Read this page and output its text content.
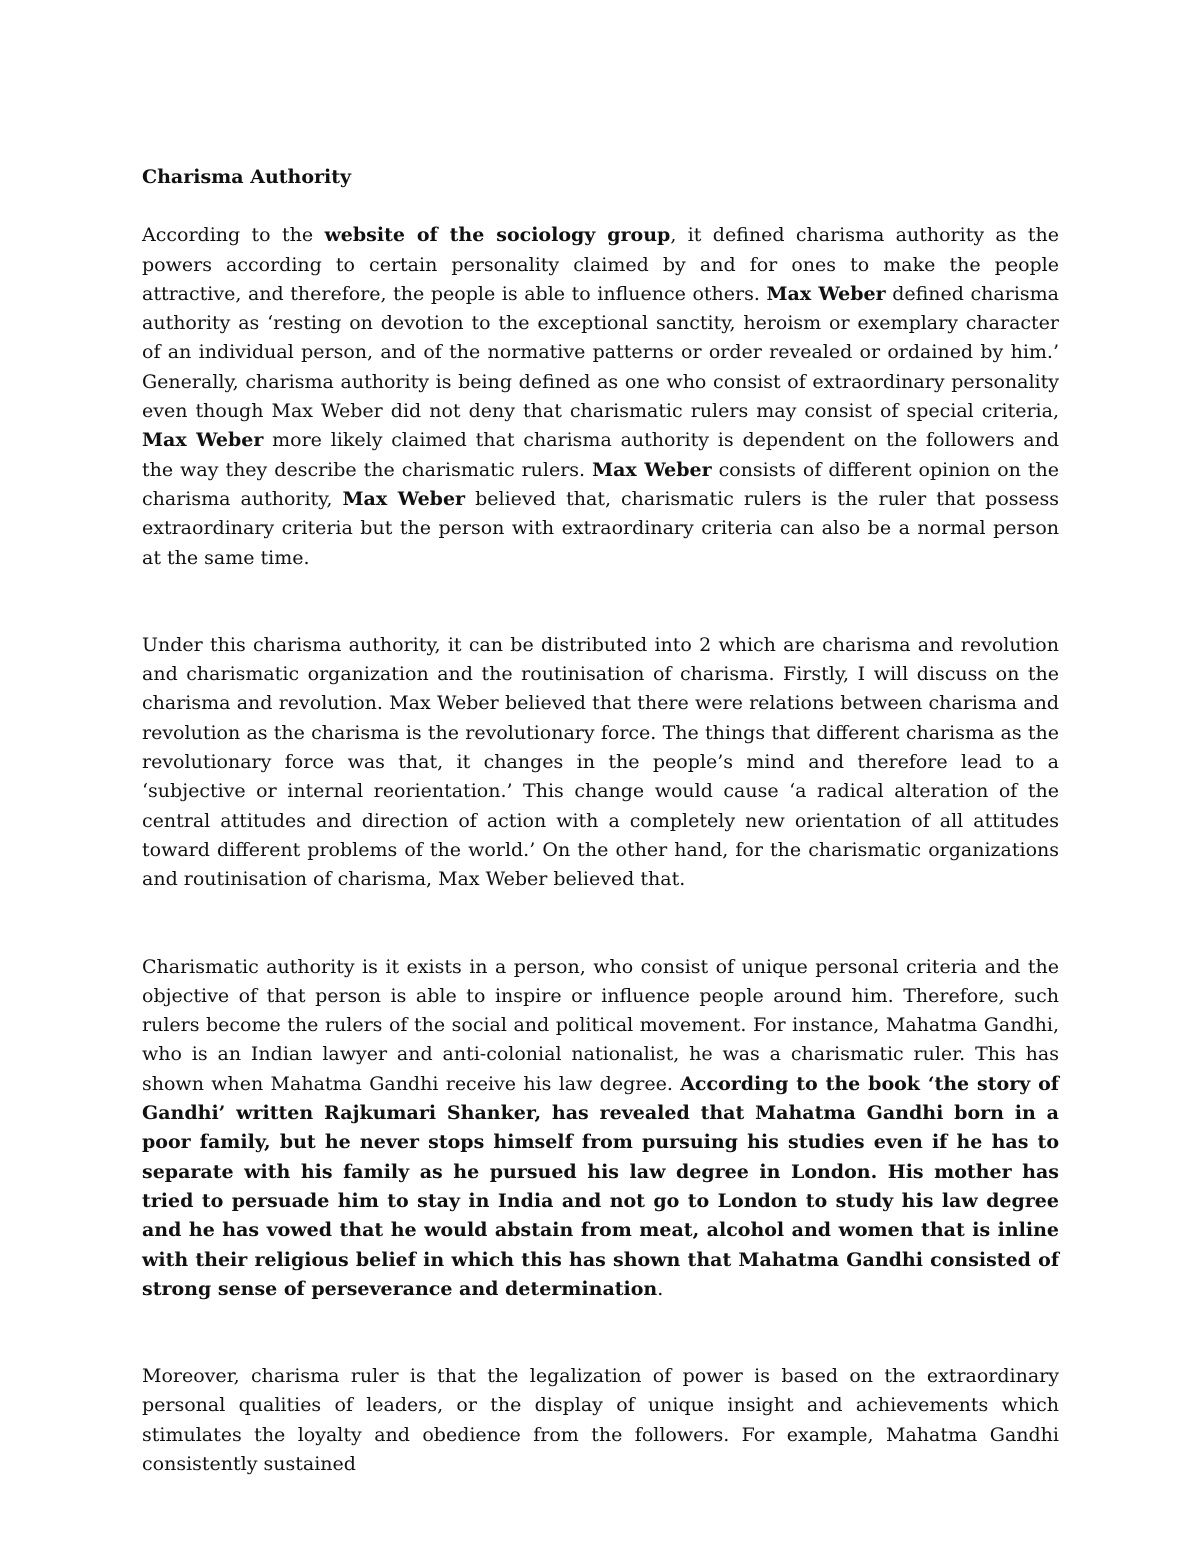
Charisma Authority

According to the website of the sociology group, it defined charisma authority as the powers according to certain personality claimed by and for ones to make the people attractive, and therefore, the people is able to influence others. Max Weber defined charisma authority as ‘resting on devotion to the exceptional sanctity, heroism or exemplary character of an individual person, and of the normative patterns or order revealed or ordained by him.’ Generally, charisma authority is being defined as one who consist of extraordinary personality even though Max Weber did not deny that charismatic rulers may consist of special criteria, Max Weber more likely claimed that charisma authority is dependent on the followers and the way they describe the charismatic rulers. Max Weber consists of different opinion on the charisma authority, Max Weber believed that, charismatic rulers is the ruler that possess extraordinary criteria but the person with extraordinary criteria can also be a normal person at the same time.

Under this charisma authority, it can be distributed into 2 which are charisma and revolution and charismatic organization and the routinisation of charisma. Firstly, I will discuss on the charisma and revolution. Max Weber believed that there were relations between charisma and revolution as the charisma is the revolutionary force. The things that different charisma as the revolutionary force was that, it changes in the people’s mind and therefore lead to a ‘subjective or internal reorientation.’ This change would cause ‘a radical alteration of the central attitudes and direction of action with a completely new orientation of all attitudes toward different problems of the world.’ On the other hand, for the charismatic organizations and routinisation of charisma, Max Weber believed that.

Charismatic authority is it exists in a person, who consist of unique personal criteria and the objective of that person is able to inspire or influence people around him. Therefore, such rulers become the rulers of the social and political movement. For instance, Mahatma Gandhi, who is an Indian lawyer and anti-colonial nationalist, he was a charismatic ruler. This has shown when Mahatma Gandhi receive his law degree. According to the book ‘the story of Gandhi’ written Rajkumari Shanker, has revealed that Mahatma Gandhi born in a poor family, but he never stops himself from pursuing his studies even if he has to separate with his family as he pursued his law degree in London. His mother has tried to persuade him to stay in India and not go to London to study his law degree and he has vowed that he would abstain from meat, alcohol and women that is inline with their religious belief in which this has shown that Mahatma Gandhi consisted of strong sense of perseverance and determination.

Moreover, charisma ruler is that the legalization of power is based on the extraordinary personal qualities of leaders, or the display of unique insight and achievements which stimulates the loyalty and obedience from the followers. For example, Mahatma Gandhi consistently sustained
